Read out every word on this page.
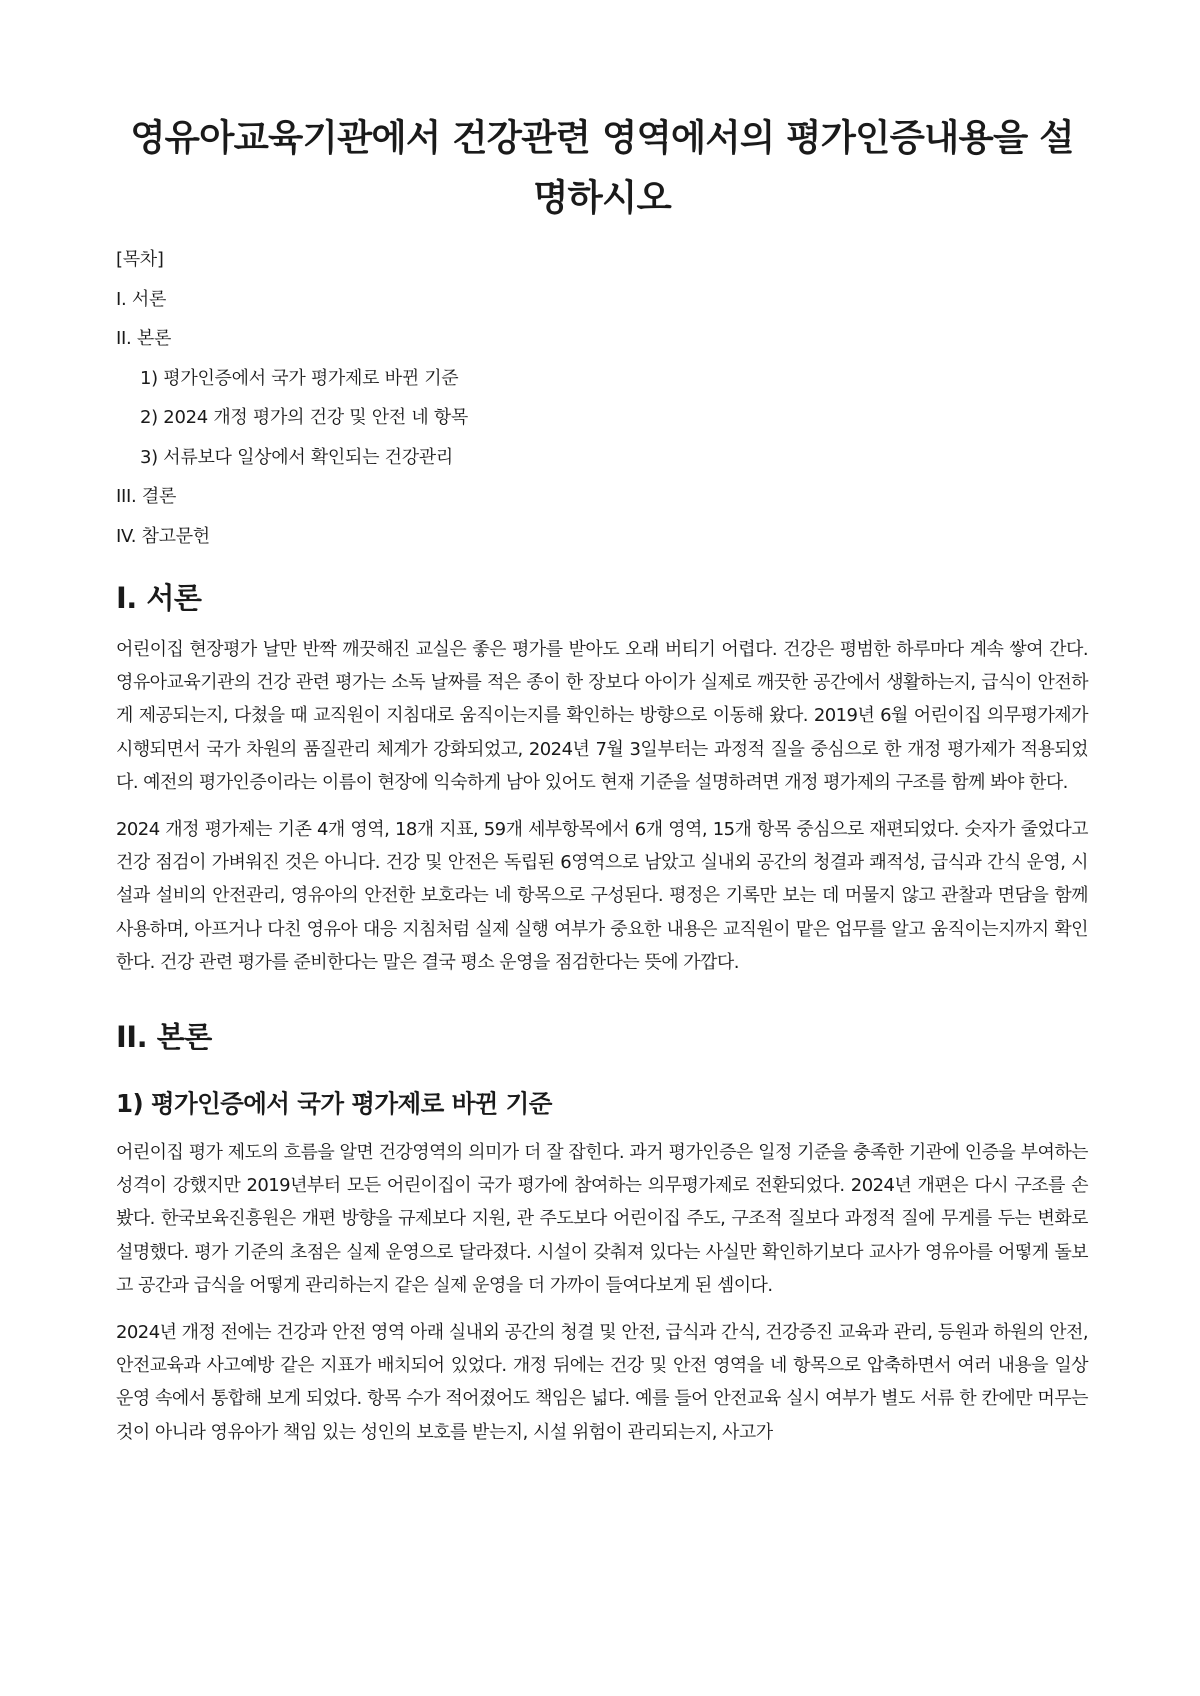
영유아교육기관에서 건강관련 영역에서의 평가인증내용을 설명하시오
[목차]
I. 서론
II. 본론
1) 평가인증에서 국가 평가제로 바뀐 기준
2) 2024 개정 평가의 건강 및 안전 네 항목
3) 서류보다 일상에서 확인되는 건강관리
III. 결론
IV. 참고문헌
I. 서론

어린이집 현장평가 날만 반짝 깨끗해진 교실은 좋은 평가를 받아도 오래 버티기 어렵다. 건강은 평범한 하루마다 계속 쌓여 간다. 영유아교육기관의 건강 관련 평가는 소독 날짜를 적은 종이 한 장보다 아이가 실제로 깨끗한 공간에서 생활하는지, 급식이 안전하게 제공되는지, 다쳤을 때 교직원이 지침대로 움직이는지를 확인하는 방향으로 이동해 왔다. 2019년 6월 어린이집 의무평가제가 시행되면서 국가 차원의 품질관리 체계가 강화되었고, 2024년 7월 3일부터는 과정적 질을 중심으로 한 개정 평가제가 적용되었다. 예전의 평가인증이라는 이름이 현장에 익숙하게 남아 있어도 현재 기준을 설명하려면 개정 평가제의 구조를 함께 봐야 한다.

2024 개정 평가제는 기존 4개 영역, 18개 지표, 59개 세부항목에서 6개 영역, 15개 항목 중심으로 재편되었다. 숫자가 줄었다고 건강 점검이 가벼워진 것은 아니다. 건강 및 안전은 독립된 6영역으로 남았고 실내외 공간의 청결과 쾌적성, 급식과 간식 운영, 시설과 설비의 안전관리, 영유아의 안전한 보호라는 네 항목으로 구성된다. 평정은 기록만 보는 데 머물지 않고 관찰과 면담을 함께 사용하며, 아프거나 다친 영유아 대응 지침처럼 실제 실행 여부가 중요한 내용은 교직원이 맡은 업무를 알고 움직이는지까지 확인한다. 건강 관련 평가를 준비한다는 말은 결국 평소 운영을 점검한다는 뜻에 가깝다.

II. 본론
1) 평가인증에서 국가 평가제로 바뀐 기준

어린이집 평가 제도의 흐름을 알면 건강영역의 의미가 더 잘 잡힌다. 과거 평가인증은 일정 기준을 충족한 기관에 인증을 부여하는 성격이 강했지만 2019년부터 모든 어린이집이 국가 평가에 참여하는 의무평가제로 전환되었다. 2024년 개편은 다시 구조를 손봤다. 한국보육진흥원은 개편 방향을 규제보다 지원, 관 주도보다 어린이집 주도, 구조적 질보다 과정적 질에 무게를 두는 변화로 설명했다. 평가 기준의 초점은 실제 운영으로 달라졌다. 시설이 갖춰져 있다는 사실만 확인하기보다 교사가 영유아를 어떻게 돌보고 공간과 급식을 어떻게 관리하는지 같은 실제 운영을 더 가까이 들여다보게 된 셈이다.

2024년 개정 전에는 건강과 안전 영역 아래 실내외 공간의 청결 및 안전, 급식과 간식, 건강증진 교육과 관리, 등원과 하원의 안전, 안전교육과 사고예방 같은 지표가 배치되어 있었다. 개정 뒤에는 건강 및 안전 영역을 네 항목으로 압축하면서 여러 내용을 일상 운영 속에서 통합해 보게 되었다. 항목 수가 적어졌어도 책임은 넓다. 예를 들어 안전교육 실시 여부가 별도 서류 한 칸에만 머무는 것이 아니라 영유아가 책임 있는 성인의 보호를 받는지, 시설 위험이 관리되는지, 사고가
